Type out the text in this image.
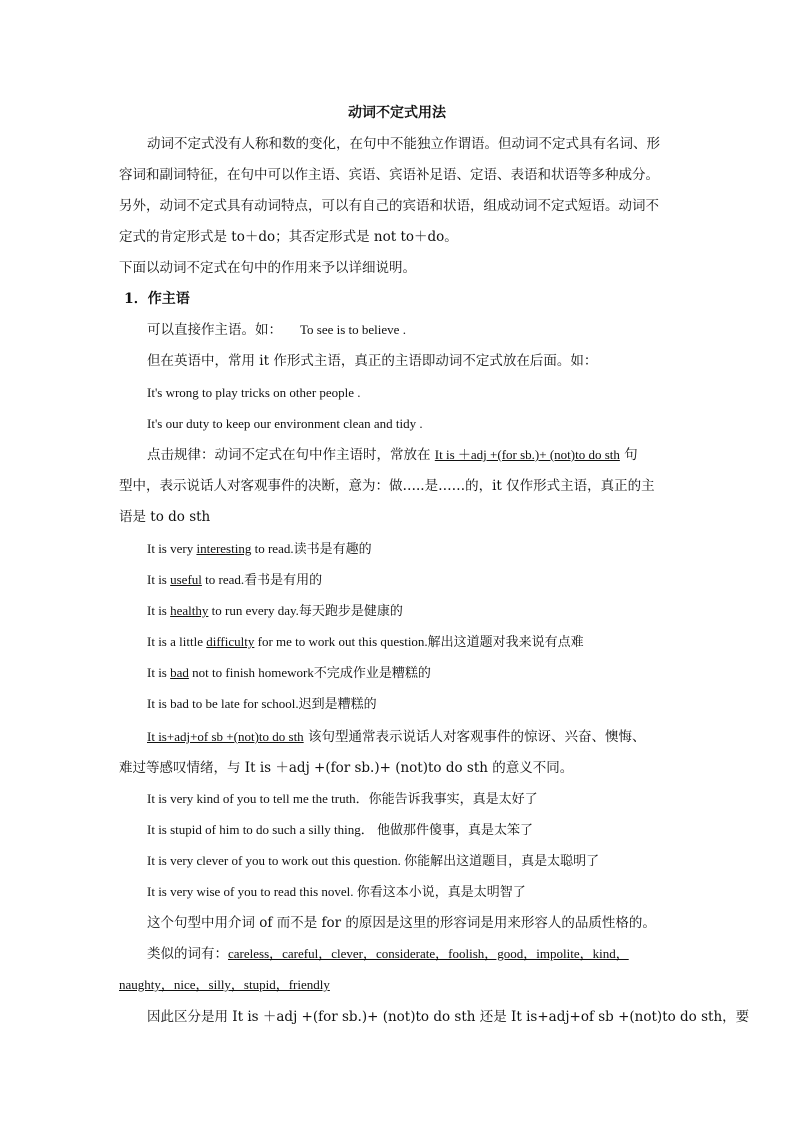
动词不定式用法
动词不定式没有人称和数的变化，在句中不能独立作谓语。但动词不定式具有名词、形
容词和副词特征，在句中可以作主语、宾语、宾语补足语、定语、表语和状语等多种成分。
另外，动词不定式具有动词特点，可以有自己的宾语和状语，组成动词不定式短语。动词不
定式的肯定形式是 to＋do；其否定形式是 not to＋do。
下面以动词不定式在句中的作用来予以详细说明。
1．作主语
可以直接作主语。如： To see is to believe .
但在英语中，常用 it 作形式主语，真正的主语即动词不定式放在后面。如：
It's wrong to play tricks on other people .
It's our duty to keep our environment clean and tidy .
点击规律：动词不定式在句中作主语时，常放在 It is ＋adj +(for sb.)+ (not)to do sth 句
型中，表示说话人对客观事件的决断，意为：做…..是……的，it 仅作形式主语，真正的主
语是 to do sth
It is very interesting to read.读书是有趣的
It is useful to read.看书是有用的
It is healthy to run every day.每天跑步是健康的
It is a little difficulty for me to work out this question.解出这道题对我来说有点难
It is bad not to finish homework不完成作业是糟糕的
It is bad to be late for school.迟到是糟糕的
It is+adj+of sb +(not)to do sth 该句型通常表示说话人对客观事件的惊讶、兴奋、懊悔、
难过等感叹情绪，与 It is ＋adj +(for sb.)+ (not)to do sth 的意义不同。
It is very kind of you to tell me the truth．你能告诉我事实，真是太好了
It is stupid of him to do such a silly thing． 他做那件傻事，真是太笨了
It is very clever of you to work out this question. 你能解出这道题目，真是太聪明了
It is very wise of you to read this novel. 你看这本小说，真是太明智了
这个句型中用介词 of 而不是 for 的原因是这里的形容词是用来形容人的品质性格的。
类似的词有：careless，careful，clever，considerate，foolish，good，impolite，kind，
naughty，nice，silly，stupid，friendly
因此区分是用 It is ＋adj +(for sb.)+ (not)to do sth 还是 It is+adj+of sb +(not)to do sth，要
